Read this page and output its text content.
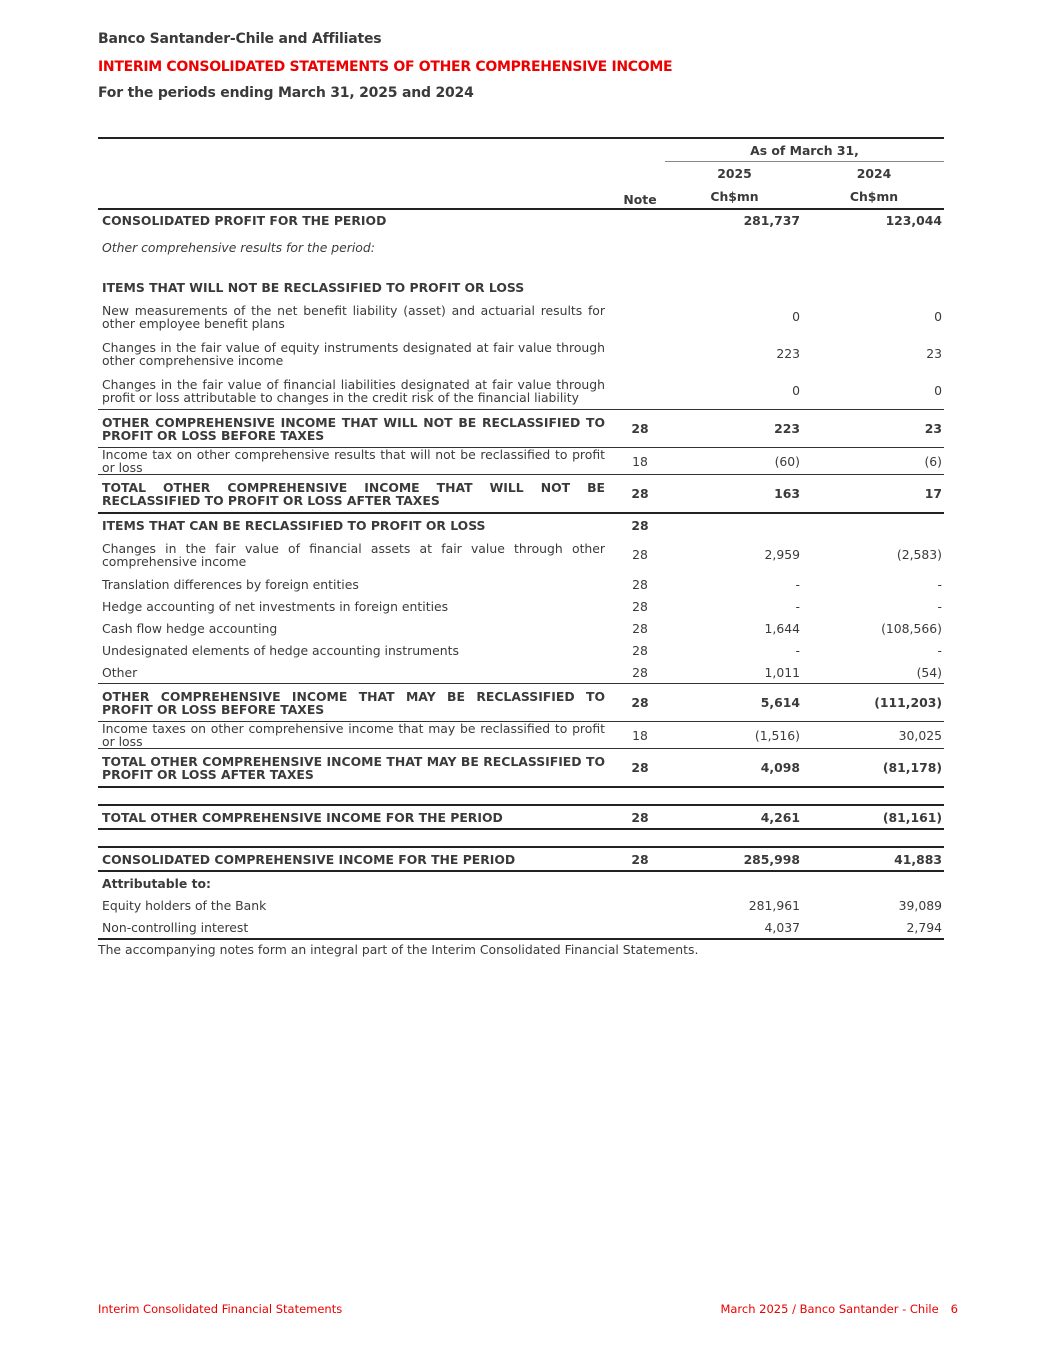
Banco Santander-Chile and Affiliates
INTERIM CONSOLIDATED STATEMENTS OF OTHER COMPREHENSIVE INCOME
For the periods ending March 31, 2025 and 2024

		As of March 31,	
		2025	2024
	Note	Ch$mn	Ch$mn
CONSOLIDATED PROFIT FOR THE PERIOD		281,737	123,044
Other comprehensive results for the period:			

ITEMS THAT WILL NOT BE RECLASSIFIED TO PROFIT OR LOSS			
New measurements of the net benefit liability (asset) and actuarial results for other employee benefit plans		0	0
Changes in the fair value of equity instruments designated at fair value through other comprehensive income		223	23
Changes in the fair value of financial liabilities designated at fair value through profit or loss attributable to changes in the credit risk of the financial liability		0	0
OTHER COMPREHENSIVE INCOME THAT WILL NOT BE RECLASSIFIED TO PROFIT OR LOSS BEFORE TAXES	28	223	23
Income tax on other comprehensive results that will not be reclassified to profit or loss	18	(60)	(6)
TOTAL OTHER COMPREHENSIVE INCOME THAT WILL NOT BE RECLASSIFIED TO PROFIT OR LOSS AFTER TAXES	28	163	17
ITEMS THAT CAN BE RECLASSIFIED TO PROFIT OR LOSS	28		
Changes in the fair value of financial assets at fair value through other comprehensive income	28	2,959	(2,583)
Translation differences by foreign entities	28	-	-
Hedge accounting of net investments in foreign entities	28	-	-
Cash flow hedge accounting	28	1,644	(108,566)
Undesignated elements of hedge accounting instruments	28	-	-
Other	28	1,011	(54)
OTHER COMPREHENSIVE INCOME THAT MAY BE RECLASSIFIED TO PROFIT OR LOSS BEFORE TAXES	28	5,614	(111,203)
Income taxes on other comprehensive income that may be reclassified to profit or loss	18	(1,516)	30,025
TOTAL OTHER COMPREHENSIVE INCOME THAT MAY BE RECLASSIFIED TO PROFIT OR LOSS AFTER TAXES	28	4,098	(81,178)

TOTAL OTHER COMPREHENSIVE INCOME FOR THE PERIOD	28	4,261	(81,161)

CONSOLIDATED COMPREHENSIVE INCOME FOR THE PERIOD	28	285,998	41,883
Attributable to:			
Equity holders of the Bank		281,961	39,089
Non-controlling interest		4,037	2,794
The accompanying notes form an integral part of the Interim Consolidated Financial Statements.
Interim Consolidated Financial Statements	March 2025 / Banco Santander - Chile 6
